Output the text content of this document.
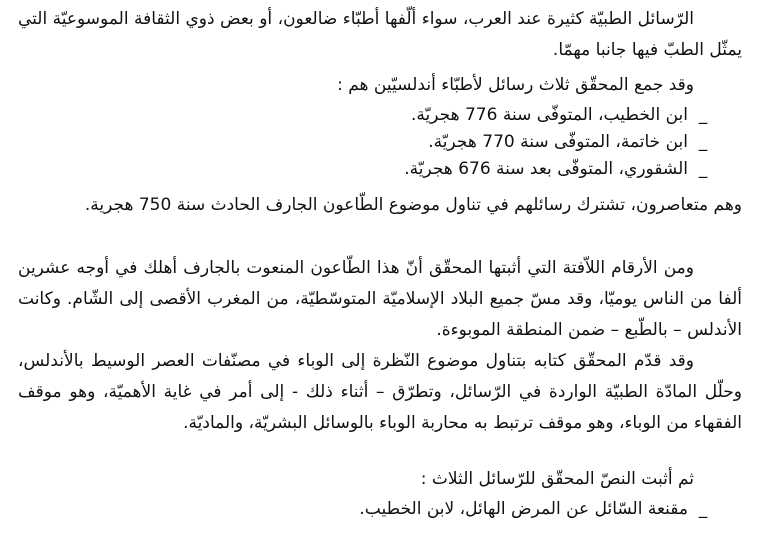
الرّسائل الطبيّة كثيرة عند العرب، سواء ألّفها أطبّاء ضالعون، أو بعض ذوي الثقافة الموسوعيّة التي يمثّل الطبّ فيها جانبا مهمّا.

وقد جمع المحقّق ثلاث رسائل لأطبّاء أندلسيّين هم :

_ابن الخطيب، المتوفّى سنة 776 هجريّة.
_ابن خاتمة، المتوفّى سنة 770 هجريّة.
_الشقوري، المتوفّى بعد سنة 676 هجريّة.

وهم متعاصرون، تشترك رسائلهم في تناول موضوع الطّاعون الجارف الحادث سنة 750 هجرية.

ومن الأرقام اللاّفتة التي أثبتها المحقّق أنّ هذا الطّاعون المنعوت بالجارف أهلك في أوجه عشرين ألفا من الناس يوميّا، وقد مسّ جميع البلاد الإسلاميّة المتوسّطيّة، من المغرب الأقصى إلى الشّام. وكانت الأندلس – بالطّبع – ضمن المنطقة الموبوءة.

وقد قدّم المحقّق كتابه بتناول موضوع النّظرة إلى الوباء في مصنّفات العصر الوسيط بالأندلس، وحلّل المادّة الطبيّة الواردة في الرّسائل، وتطرّق – أثناء ذلك - إلى أمر في غاية الأهميّة، وهو موقف الفقهاء من الوباء، وهو موقف ترتبط به محاربة الوباء بالوسائل البشريّة، والماديّة.

ثم أثبت النصّ المحقّق للرّسائل الثلاث :

_مقنعة السّائل عن المرض الهائل، لابن الخطيب.
